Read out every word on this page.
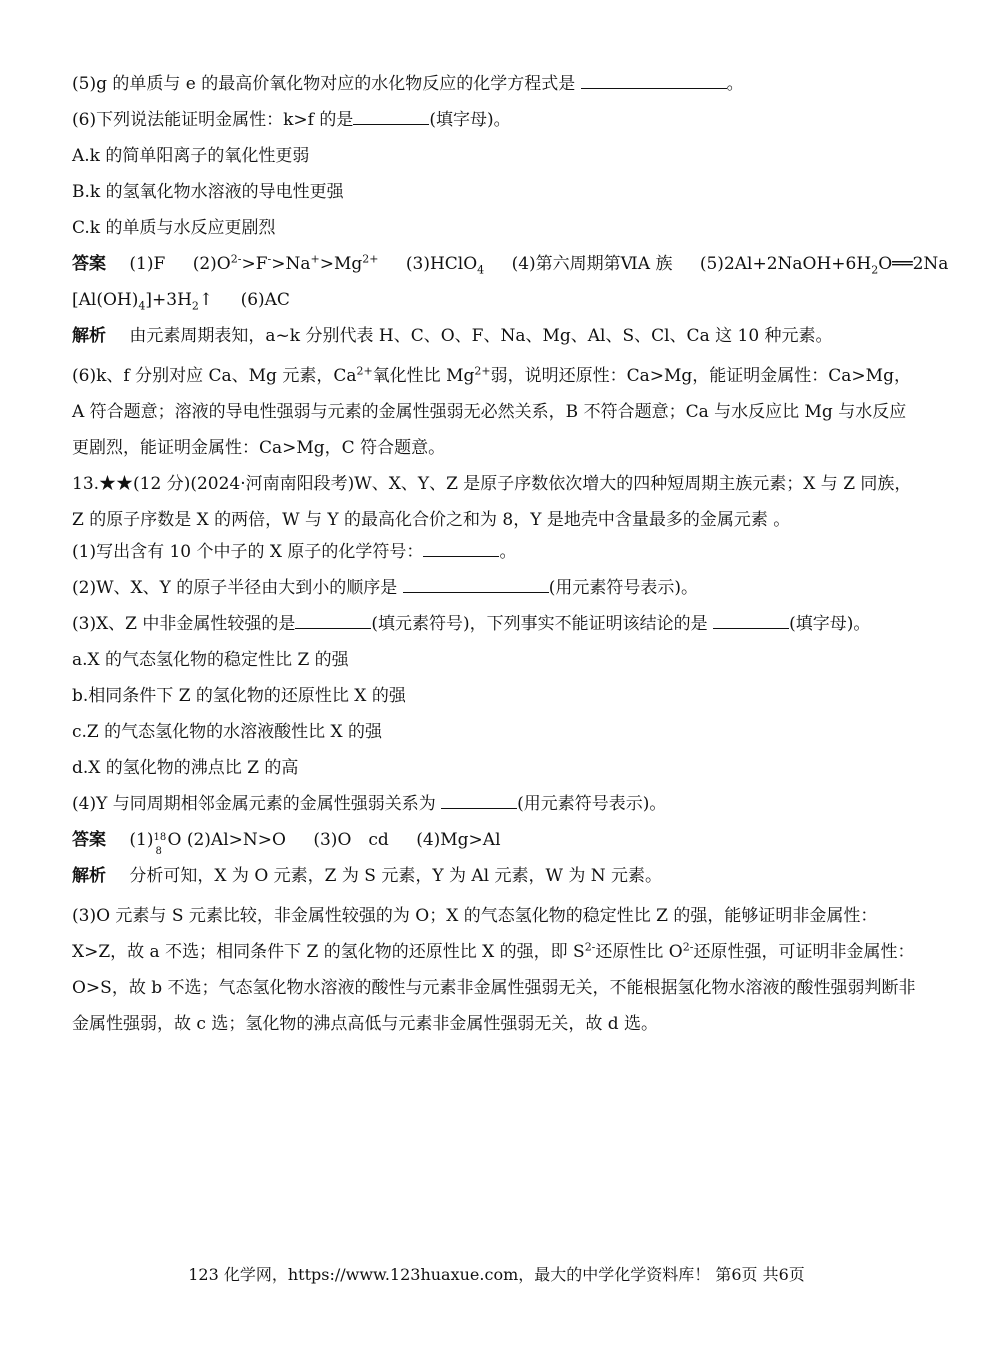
(5)g 的单质与 e 的最高价氧化物对应的水化物反应的化学方程式是	。
(6)下列说法能证明金属性：k>f 的是	(填字母)。
A.k 的简单阳离子的氧化性更弱
B.k 的氢氧化物水溶液的导电性更强
C.k 的单质与水反应更剧烈
答案 (1)F $(2)O^{2-}>F^->Na^+>Mg^{2+}$ (3)HClO$_4$ (4)第六周期第ⅥA 族 $(5)2Al+2NaOH+6H_2O══2Na$
$[Al(OH)_4]+3H_2↑$ (6)AC
解析 由元素周期表知，a~k 分别代表 H、C、O、F、Na、Mg、Al、S、Cl、Ca 这 10 种元素。

(6)k、f 分别对应 Ca、Mg 元素，$Ca^{2+}$氧化性比 $Mg^{2+}$弱，说明还原性：Ca>Mg，能证明金属性：Ca>Mg，A 符合题意；溶液的导电性强弱与元素的金属性强弱无必然关系，B 不符合题意；Ca 与水反应比 Mg 与水反应更剧烈，能证明金属性：Ca>Mg，C 符合题意。

13.★★(12 分)(2024·河南南阳段考)W、X、Y、Z 是原子序数依次增大的四种短周期主族元素；X 与 Z 同族，Z 的原子序数是 X 的两倍，W 与 Y 的最高化合价之和为 8，Y 是地壳中含量最多的金属元素 。

(1)写出含有 10 个中子的 X 原子的化学符号：	。
(2)W、X、Y 的原子半径由大到小的顺序是	(用元素符号表示)。
(3)X、Z 中非金属性较强的是	(填元素符号)，下列事实不能证明该结论的是	(填字母)。
a.X 的气态氢化物的稳定性比 Z 的强
b.相同条件下 Z 的氢化物的还原性比 X 的强
c.Z 的气态氢化物的水溶液酸性比 X 的强
d.X 的氢化物的沸点比 Z 的高
(4)Y 与同周期相邻金属元素的金属性强弱关系为	(用元素符号表示)。
答案 (1) 18
8
O (2)Al>N>O (3)O　cd (4)Mg>Al
解析 分析可知，X 为 O 元素，Z 为 S 元素，Y 为 Al 元素，W 为 N 元素。

(3)O 元素与 S 元素比较，非金属性较强的为 O；X 的气态氢化物的稳定性比 Z 的强，能够证明非金属性：X>Z，故 a 不选；相同条件下 Z 的氢化物的还原性比 X 的强，即 $S^{2-}$还原性比 $O^{2-}$还原性强，可证明非金属性：O>S，故 b 不选；气态氢化物水溶液的酸性与元素非金属性强弱无关，不能根据氢化物水溶液的酸性强弱判断非金属性强弱，故 c 选；氢化物的沸点高低与元素非金属性强弱无关，故 d 选。

123 化学网，https://www.123huaxue.com，最大的中学化学资料库！ 第6页 共6页
